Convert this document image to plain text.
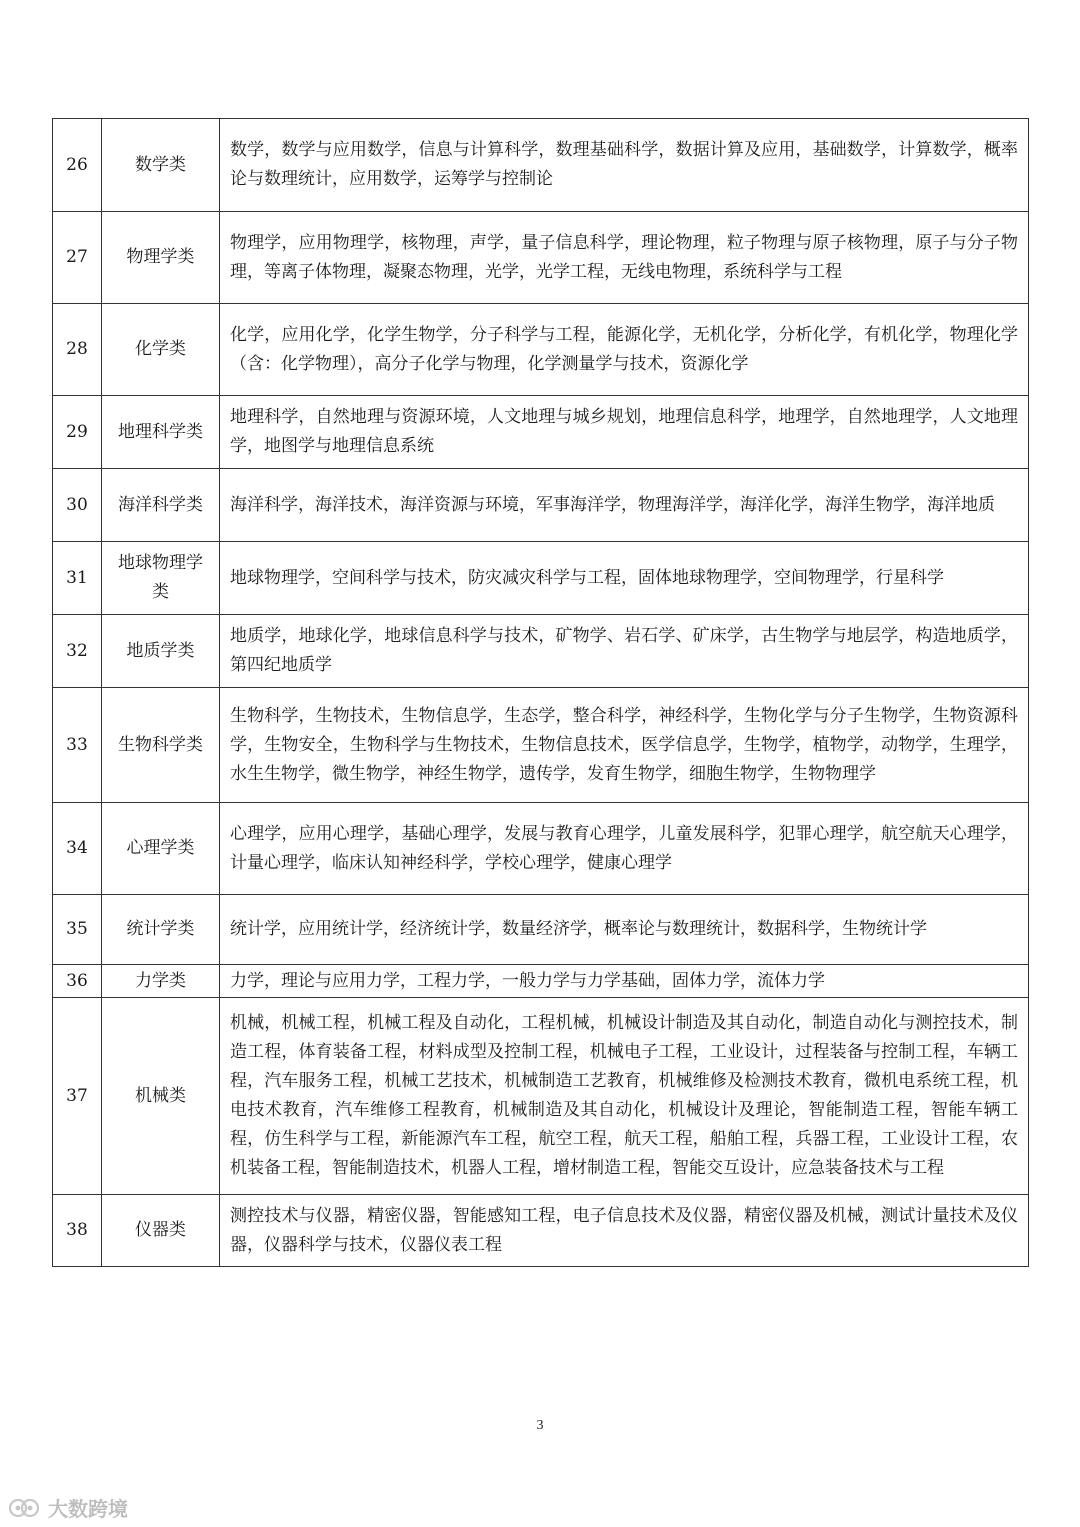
26	数学类	数学，数学与应用数学，信息与计算科学，数理基础科学，数据计算及应用，基础数学，计算数学，概率论与数理统计，应用数学，运筹学与控制论
27	物理学类	物理学，应用物理学，核物理，声学，量子信息科学，理论物理，粒子物理与原子核物理，原子与分子物理，等离子体物理，凝聚态物理，光学，光学工程，无线电物理，系统科学与工程
28	化学类	化学，应用化学，化学生物学，分子科学与工程，能源化学，无机化学，分析化学，有机化学，物理化学（含：化学物理），高分子化学与物理，化学测量学与技术，资源化学
29	地理科学类	地理科学，自然地理与资源环境，人文地理与城乡规划，地理信息科学，地理学，自然地理学，人文地理学，地图学与地理信息系统
30	海洋科学类	海洋科学，海洋技术，海洋资源与环境，军事海洋学，物理海洋学，海洋化学，海洋生物学，海洋地质
31	地球物理学类	地球物理学，空间科学与技术，防灾减灾科学与工程，固体地球物理学，空间物理学，行星科学
32	地质学类	地质学，地球化学，地球信息科学与技术，矿物学、岩石学、矿床学，古生物学与地层学，构造地质学，第四纪地质学
33	生物科学类	生物科学，生物技术，生物信息学，生态学，整合科学，神经科学，生物化学与分子生物学，生物资源科学，生物安全，生物科学与生物技术，生物信息技术，医学信息学，生物学，植物学，动物学，生理学，水生生物学，微生物学，神经生物学，遗传学，发育生物学，细胞生物学，生物物理学
34	心理学类	心理学，应用心理学，基础心理学，发展与教育心理学，儿童发展科学，犯罪心理学，航空航天心理学，计量心理学，临床认知神经科学，学校心理学，健康心理学
35	统计学类	统计学，应用统计学，经济统计学，数量经济学，概率论与数理统计，数据科学，生物统计学
36	力学类	力学，理论与应用力学，工程力学，一般力学与力学基础，固体力学，流体力学
37	机械类	机械，机械工程，机械工程及自动化，工程机械，机械设计制造及其自动化，制造自动化与测控技术，制造工程，体育装备工程，材料成型及控制工程，机械电子工程，工业设计，过程装备与控制工程，车辆工程，汽车服务工程，机械工艺技术，机械制造工艺教育，机械维修及检测技术教育，微机电系统工程，机电技术教育，汽车维修工程教育，机械制造及其自动化，机械设计及理论，智能制造工程，智能车辆工程，仿生科学与工程，新能源汽车工程，航空工程，航天工程，船舶工程，兵器工程，工业设计工程，农机装备工程，智能制造技术，机器人工程，增材制造工程，智能交互设计，应急装备技术与工程
38	仪器类	测控技术与仪器，精密仪器，智能感知工程，电子信息技术及仪器，精密仪器及机械，测试计量技术及仪器，仪器科学与技术，仪器仪表工程
3
大数跨境
